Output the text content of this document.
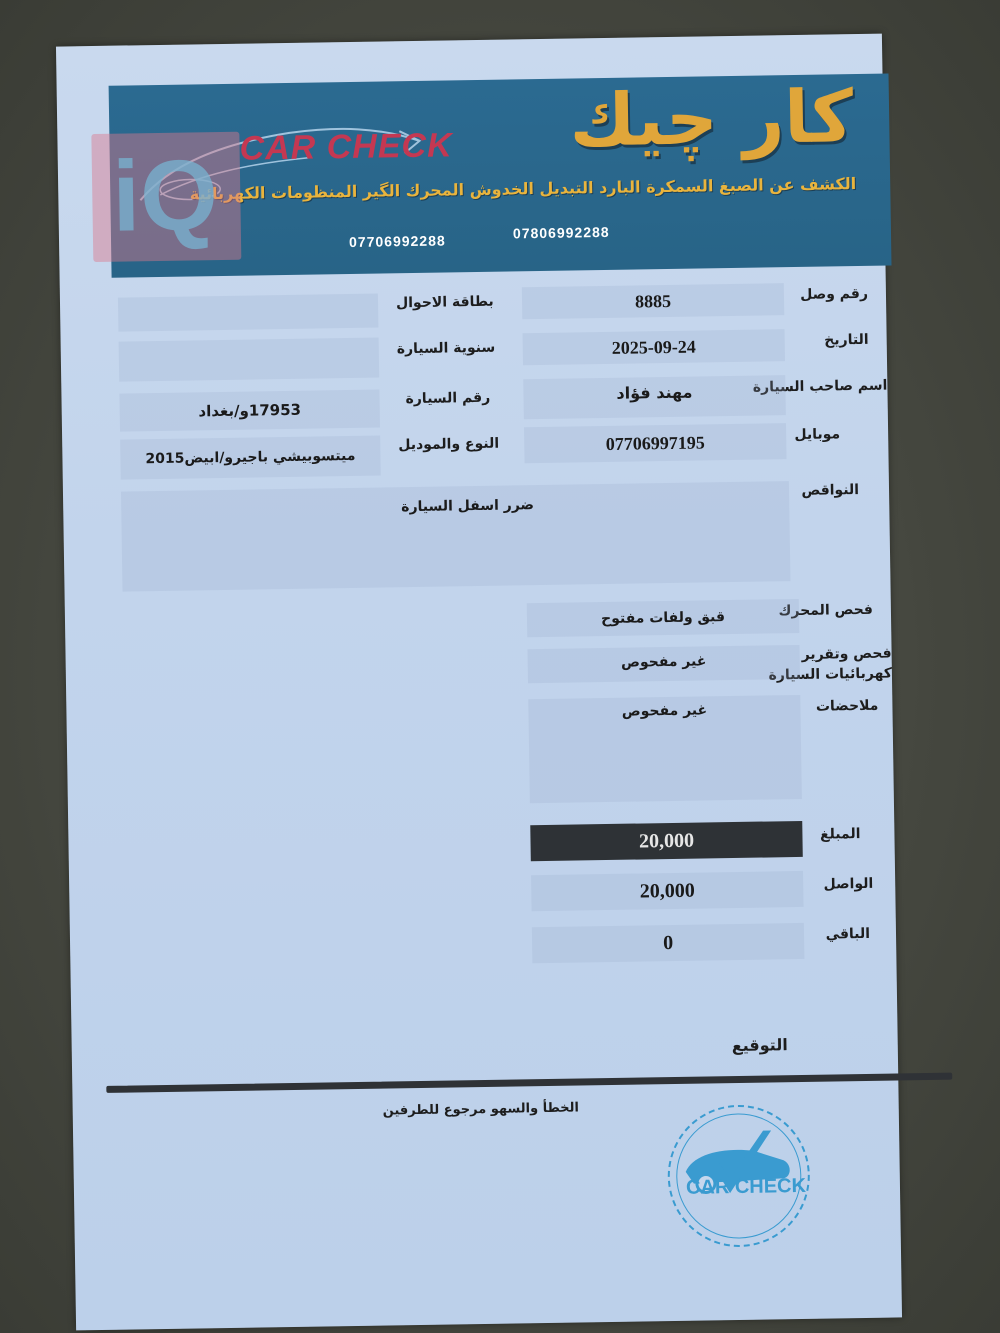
CAR CHECK كار چيك
الكشف عن الصبغ السمكرة البارد التبديل الخدوش المحرك الگير المنظومات الكهربائية
07806992288
07706992288
iQ
رقم وصل
8885
التاريخ
2025-09-24
اسم صاحب السيارة
مهند فؤاد
موبايل
07706997195
بطاقة الاحوال
سنوية السيارة
رقم السيارة
17953و/بغداد
النوع والموديل
ميتسوبيشي باجيرو/ابيض2015
النواقص
ضرر اسفل السيارة
فحص المحرك
قبق ولفات مفتوح
فحص وتقرير كهربائيات السيارة
غير مفحوص
ملاحضات
غير مفحوص
المبلغ
20,000
الواصل
20,000
الباقي
0
التوقيع
الخطأ والسهو مرجوع للطرفين
CAR CHECK
